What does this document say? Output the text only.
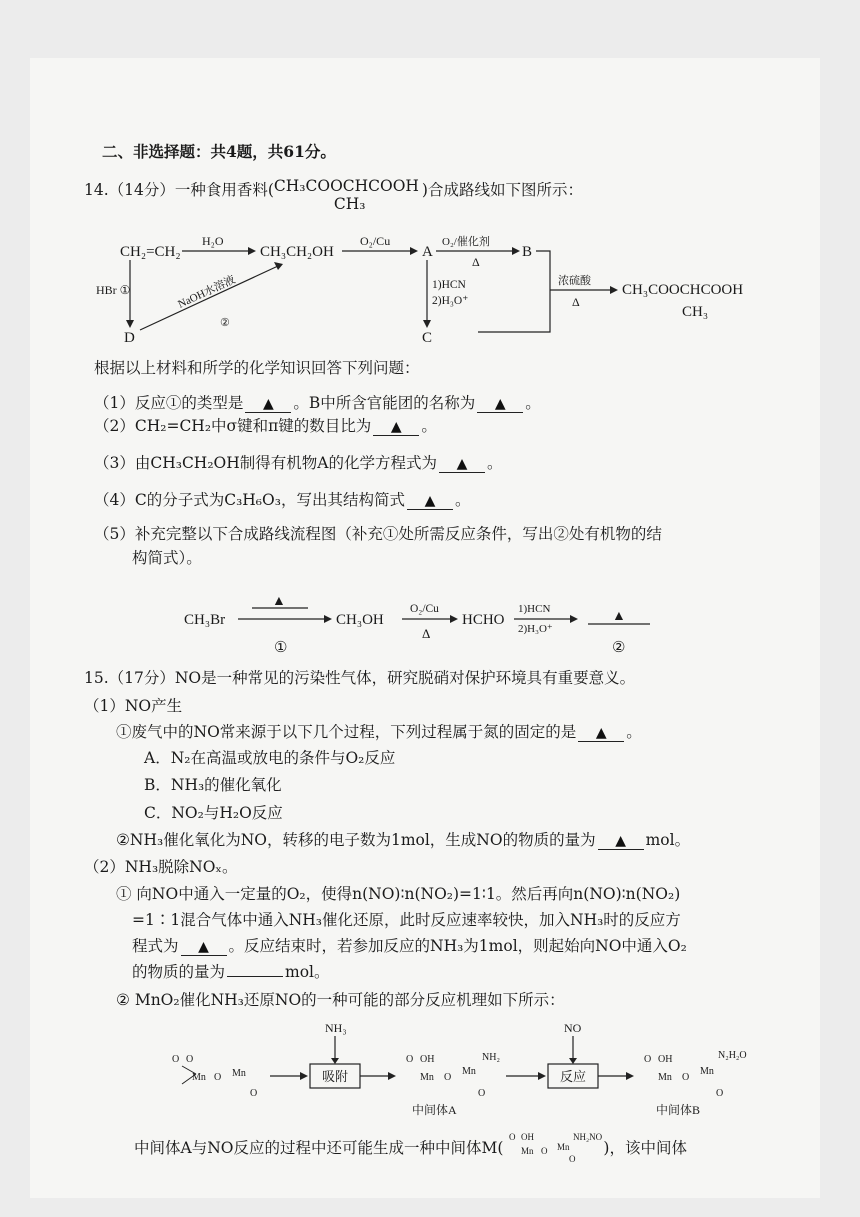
二、非选择题：共4题，共61分。
14.（14分）一种食用香料( CH₃COOCHCOOH
CH₃
)合成路线如下图所示：
CH₂=CH₂
H₂O
CH₃CH₂OH
O₂/Cu
A
O₂/催化剂
Δ
B
浓硫酸
Δ
CH₃COOCHCOOH
CH₃
1)HCN
2)H₃O⁺
C
HBr ①
D
NaOH水溶液
②
根据以上材料和所学的化学知识回答下列问题：
（1）反应①的类型是 ▲ 。B中所含官能团的名称为 ▲ 。
（2）CH₂=CH₂中σ键和π键的数目比为 ▲ 。
（3）由CH₃CH₂OH制得有机物A的化学方程式为 ▲ 。
（4）C的分子式为C₃H₆O₃，写出其结构简式 ▲ 。
（5）补充完整以下合成路线流程图（补充①处所需反应条件，写出②处有机物的结
构简式）。
CH₃Br
▲
①
CH₃OH
O₂/Cu
Δ
HCHO
1)HCN
2)H₃O⁺
▲
②
15.（17分）NO是一种常见的污染性气体，研究脱硝对保护环境具有重要意义。
（1）NO产生
①废气中的NO常来源于以下几个过程，下列过程属于氮的固定的是 ▲ 。
A．N₂在高温或放电的条件与O₂反应
B．NH₃的催化氧化
C．NO₂与H₂O反应
②NH₃催化氧化为NO，转移的电子数为1mol，生成NO的物质的量为 ▲ mol。
（2）NH₃脱除NOₓ。
① 向NO中通入一定量的O₂，使得n(NO)∶n(NO₂)=1∶1。然后再向n(NO)∶n(NO₂)
=1∶1混合气体中通入NH₃催化还原，此时反应速率较快，加入NH₃时的反应方
程式为 ▲ 。反应结束时，若参加反应的NH₃为1mol，则起始向NO中通入O₂
的物质的量为	mol。
② MnO₂催化NH₃还原NO的一种可能的部分反应机理如下所示：
O O
Mn O Mn
O
吸附
NH₃
O OH
Mn O
Mn
NH₂
O
中间体A
反应
NO
O OH
Mn O
Mn
N₂H₂O
O
中间体B
中间体A与NO反应的过程中还可能生成一种中间体M(
O OH
Mn O Mn
NH₂NO
O
)，该中间体
